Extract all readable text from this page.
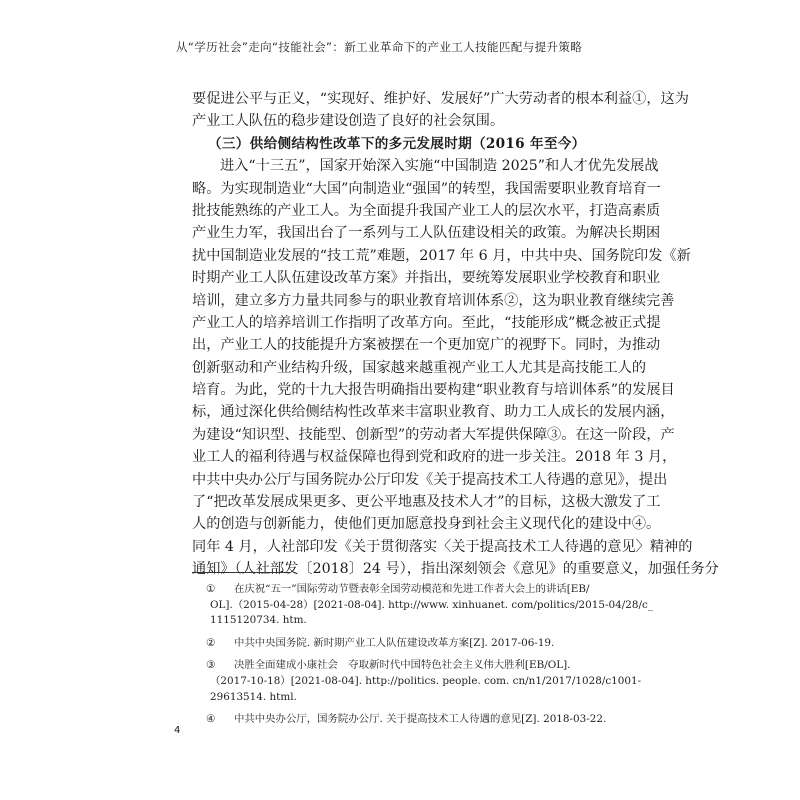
从“学历社会”走向“技能社会”：新工业革命下的产业工人技能匹配与提升策略
要促进公平与正义，“实现好、维护好、发展好”广大劳动者的根本利益①，这为
产业工人队伍的稳步建设创造了良好的社会氛围。
（三）供给侧结构性改革下的多元发展时期（2016 年至今）
进入“十三五”，国家开始深入实施“中国制造 2025”和人才优先发展战
略。为实现制造业“大国”向制造业“强国”的转型，我国需要职业教育培育一
批技能熟练的产业工人。为全面提升我国产业工人的层次水平，打造高素质
产业生力军，我国出台了一系列与工人队伍建设相关的政策。为解决长期困
扰中国制造业发展的“技工荒”难题，2017 年 6 月，中共中央、国务院印发《新
时期产业工人队伍建设改革方案》并指出，要统筹发展职业学校教育和职业
培训，建立多方力量共同参与的职业教育培训体系②，这为职业教育继续完善
产业工人的培养培训工作指明了改革方向。至此，“技能形成”概念被正式提
出，产业工人的技能提升方案被摆在一个更加宽广的视野下。同时，为推动
创新驱动和产业结构升级，国家越来越重视产业工人尤其是高技能工人的
培育。为此，党的十九大报告明确指出要构建“职业教育与培训体系”的发展目
标，通过深化供给侧结构性改革来丰富职业教育、助力工人成长的发展内涵，
为建设“知识型、技能型、创新型”的劳动者大军提供保障③。在这一阶段，产
业工人的福利待遇与权益保障也得到党和政府的进一步关注。2018 年 3 月，
中共中央办公厅与国务院办公厅印发《关于提高技术工人待遇的意见》，提出
了“把改革发展成果更多、更公平地惠及技术人才”的目标，这极大激发了工
人的创造与创新能力，使他们更加愿意投身到社会主义现代化的建设中④。
同年 4 月，人社部印发《关于贯彻落实〈关于提高技术工人待遇的意见〉精神的
通知》（人社部发〔2018〕24 号），指出深刻领会《意见》的重要意义，加强任务分
① 在庆祝“五一”国际劳动节暨表彰全国劳动模范和先进工作者大会上的讲话[EB/
OL].（2015-04-28）[2021-08-04]. http://www. xinhuanet. com/politics/2015-04/28/c_
1115120734. htm.
② 中共中央国务院. 新时期产业工人队伍建设改革方案[Z]. 2017-06-19.
③ 决胜全面建成小康社会　夺取新时代中国特色社会主义伟大胜利[EB/OL].
（2017-10-18）[2021-08-04]. http://politics. people. com. cn/n1/2017/1028/c1001-
29613514. html.
④ 中共中央办公厅，国务院办公厅. 关于提高技术工人待遇的意见[Z]. 2018-03-22.
4
